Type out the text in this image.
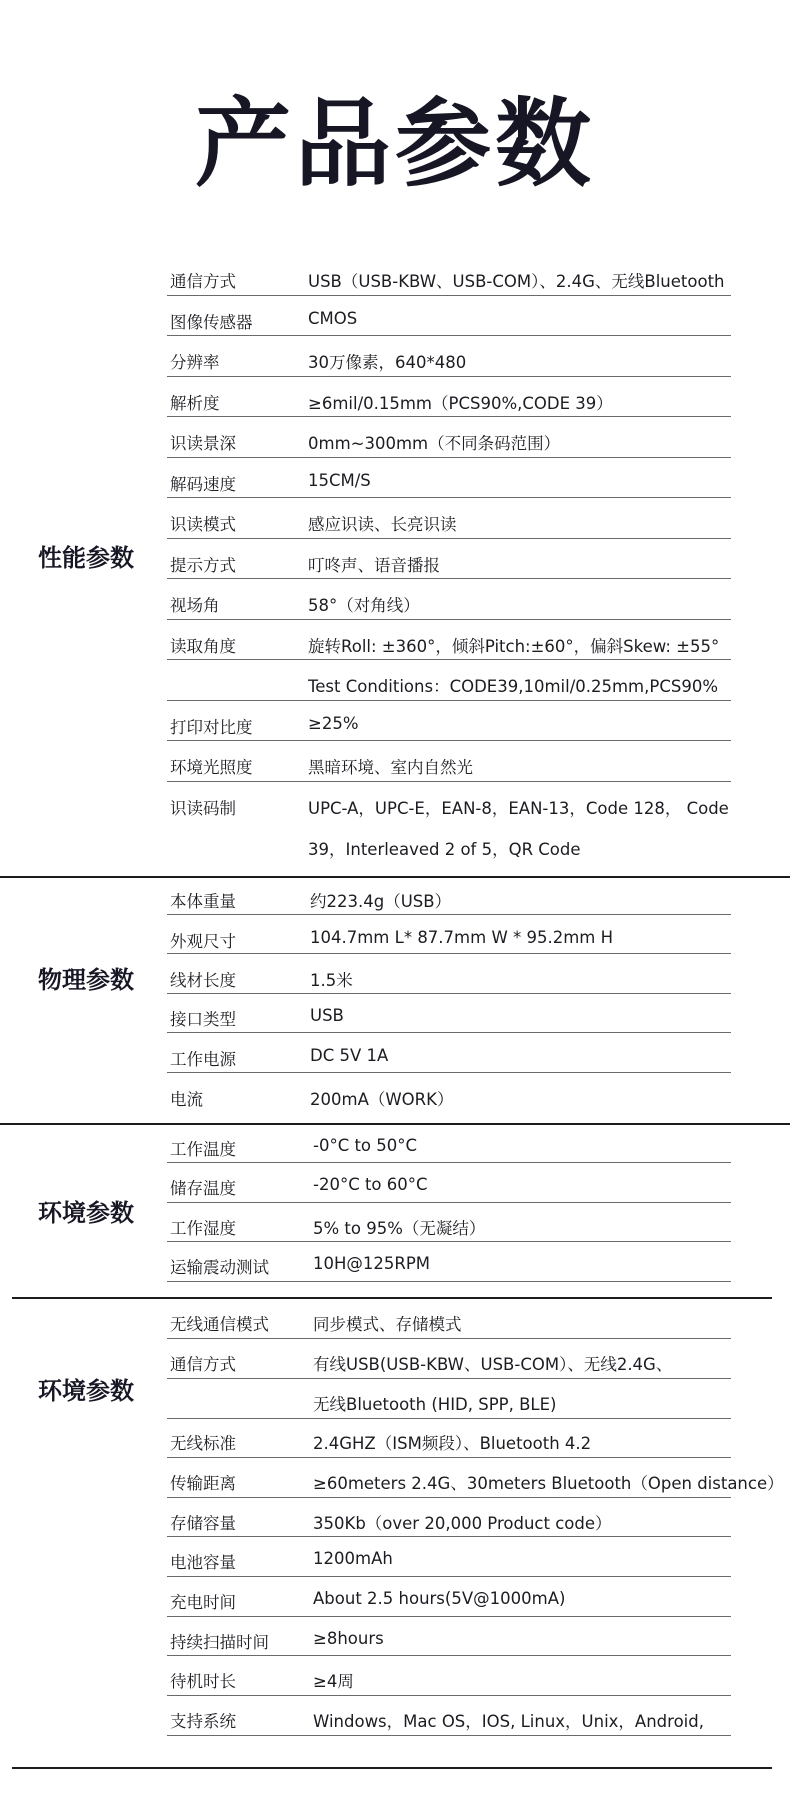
产品参数
性能参数
通信方式	USB（USB-KBW、USB-COM）、2.4G、无线Bluetooth
图像传感器	CMOS
分辨率	30万像素，640*480
解析度	≥6mil/0.15mm（PCS90%,CODE 39）
识读景深	0mm~300mm（不同条码范围）
解码速度	15CM/S
识读模式	感应识读、长亮识读
提示方式	叮咚声、语音播报
视场角	58°（对角线）
读取角度	旋转Roll: ±360°，倾斜Pitch:±60°，偏斜Skew: ±55°
Test Conditions：CODE39,10mil/0.25mm,PCS90%
打印对比度	≥25%
环境光照度	黑暗环境、室内自然光
识读码制	UPC-A，UPC-E，EAN-8，EAN-13，Code 128， Code
39，Interleaved 2 of 5，QR Code
物理参数
本体重量	约223.4g（USB）
外观尺寸	104.7mm L* 87.7mm W * 95.2mm H
线材长度	1.5米
接口类型	USB
工作电源	DC 5V 1A
电流	200mA（WORK）
环境参数
工作温度	-0°C to 50°C
储存温度	-20°C to 60°C
工作湿度	5% to 95%（无凝结）
运输震动测试	10H@125RPM
环境参数
无线通信模式	同步模式、存储模式
通信方式	有线USB(USB-KBW、USB-COM）、无线2.4G、
无线Bluetooth (HID, SPP, BLE)
无线标准	2.4GHZ（ISM频段）、Bluetooth 4.2
传输距离	≥60meters 2.4G、30meters Bluetooth（Open distance）
存储容量	350Kb（over 20,000 Product code）
电池容量	1200mAh
充电时间	About 2.5 hours(5V@1000mA)
持续扫描时间	≥8hours
待机时长	≥4周
支持系统	Windows，Mac OS，IOS, Linux，Unix，Android,
